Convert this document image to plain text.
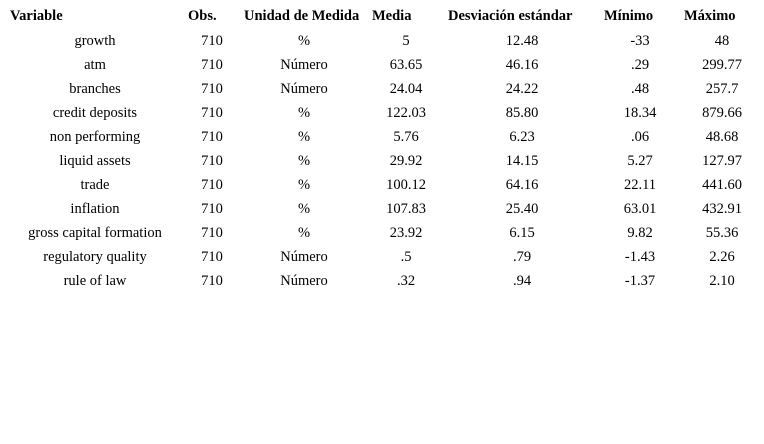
Variable	Obs.	Unidad de Medida	Media	Desviación estándar	Mínimo	Máximo
growth	710	%	5	12.48	-33	48
atm	710	Número	63.65	46.16	.29	299.77
branches	710	Número	24.04	24.22	.48	257.7
credit deposits	710	%	122.03	85.80	18.34	879.66
non performing	710	%	5.76	6.23	.06	48.68
liquid assets	710	%	29.92	14.15	5.27	127.97
trade	710	%	100.12	64.16	22.11	441.60
inflation	710	%	107.83	25.40	63.01	432.91
gross capital formation	710	%	23.92	6.15	9.82	55.36
regulatory quality	710	Número	.5	.79	-1.43	2.26
rule of law	710	Número	.32	.94	-1.37	2.10
